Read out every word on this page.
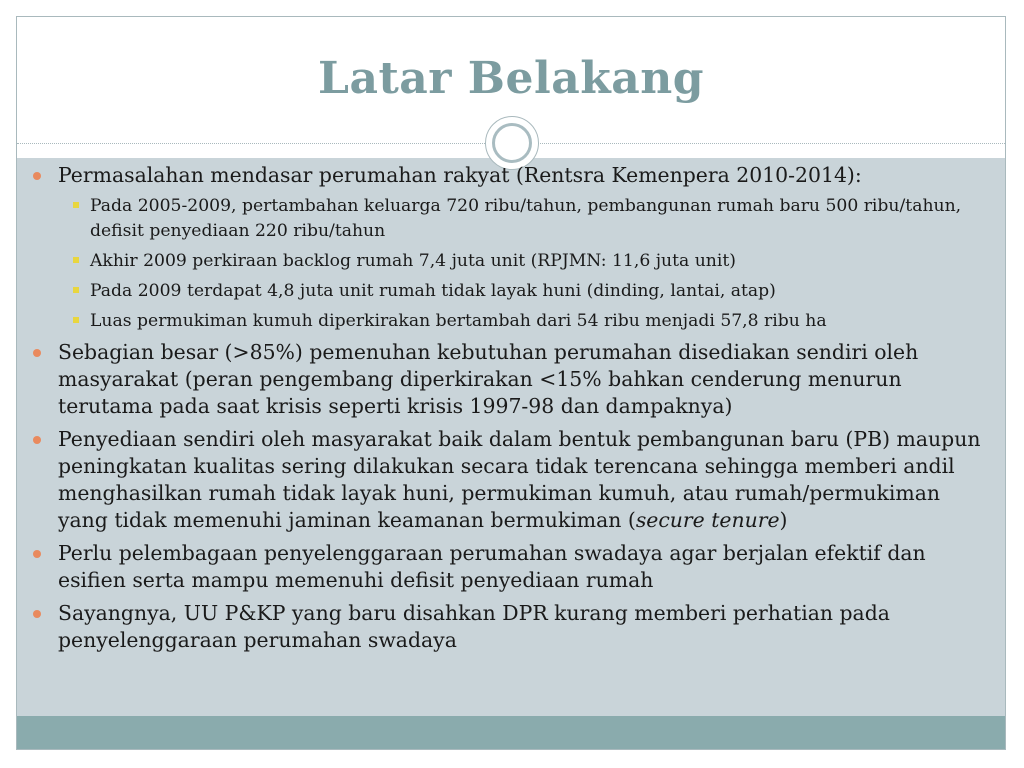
Latar Belakang
Permasalahan mendasar perumahan rakyat (Rentsra Kemenpera 2010-2014):
Pada 2005-2009, pertambahan keluarga 720 ribu/tahun, pembangunan rumah baru 500 ribu/tahun, defisit penyediaan 220 ribu/tahun
Akhir 2009 perkiraan backlog rumah 7,4 juta unit (RPJMN: 11,6 juta unit)
Pada 2009 terdapat 4,8 juta unit rumah tidak layak huni (dinding, lantai, atap)
Luas permukiman kumuh diperkirakan bertambah dari 54 ribu menjadi 57,8 ribu ha
Sebagian besar (>85%) pemenuhan kebutuhan perumahan disediakan sendiri oleh masyarakat (peran pengembang diperkirakan <15% bahkan cenderung menurun terutama pada saat krisis seperti krisis 1997-98 dan dampaknya)
Penyediaan sendiri oleh masyarakat baik dalam bentuk pembangunan baru (PB) maupun peningkatan kualitas sering dilakukan secara tidak terencana sehingga memberi andil menghasilkan rumah tidak layak huni, permukiman kumuh, atau rumah/permukiman yang tidak memenuhi jaminan keamanan bermukiman (secure tenure)
Perlu pelembagaan penyelenggaraan perumahan swadaya agar berjalan efektif dan esifien serta mampu memenuhi defisit penyediaan rumah
Sayangnya, UU P&KP yang baru disahkan DPR kurang memberi perhatian pada penyelenggaraan perumahan swadaya
